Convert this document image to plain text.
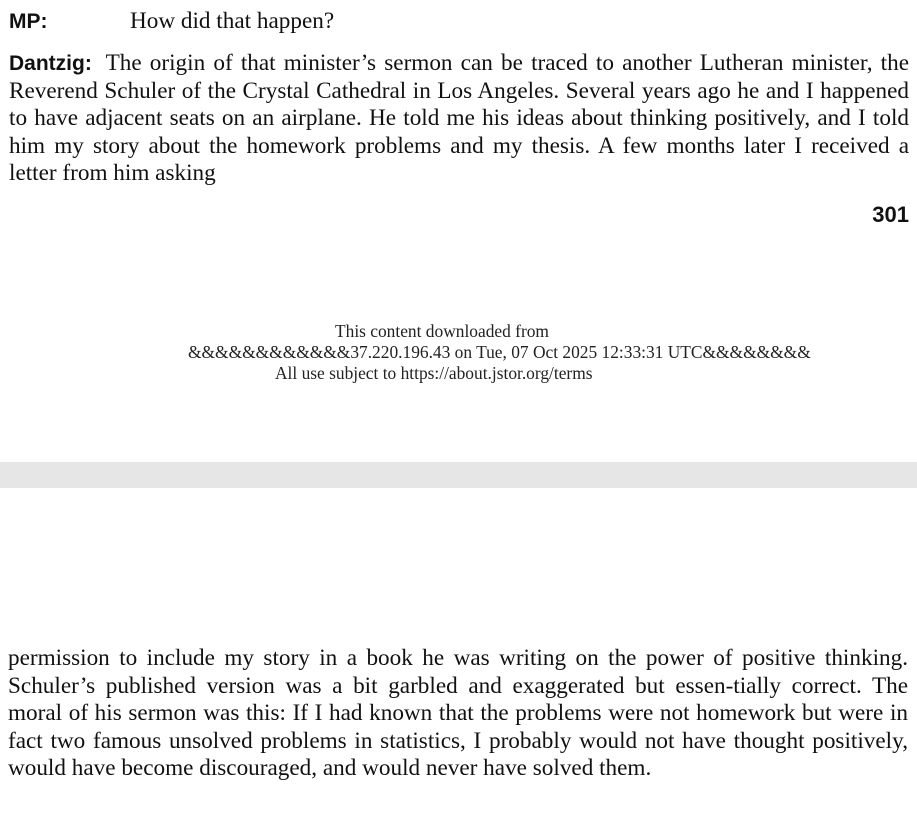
MP:	How did that happen?
Dantzig: The origin of that minister’s sermon can be traced to another Lutheran minister, the Reverend Schuler of the Crystal Cathedral in Los Angeles. Several years ago he and I happened to have adjacent seats on an airplane. He told me his ideas about thinking positively, and I told him my story about the homework problems and my thesis. A few months later I received a letter from him asking
301
This content downloaded from
&&&&&&&&&&&&37.220.196.43 on Tue, 07 Oct 2025 12:33:31 UTC&&&&&&&&
All use subject to https://about.jstor.org/terms
permission to include my story in a book he was writing on the power of positive thinking. Schuler’s published version was a bit garbled and exaggerated but essen-tially correct. The moral of his sermon was this: If I had known that the problems were not homework but were in fact two famous unsolved problems in statistics, I probably would not have thought positively, would have become discouraged, and would never have solved them.
